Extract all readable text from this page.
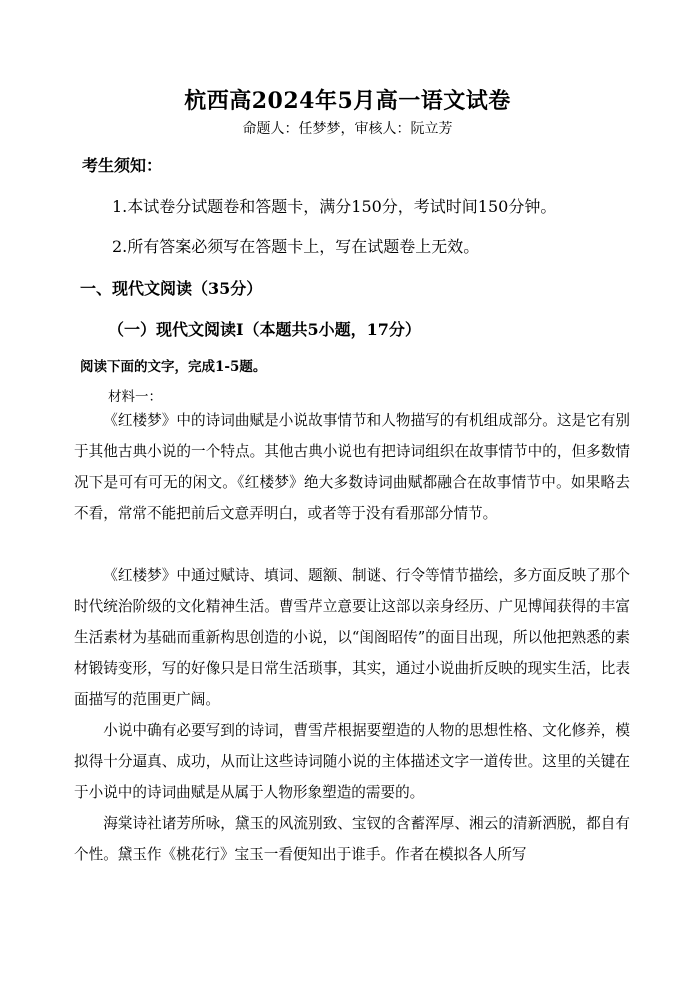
杭西高2024年5月高一语文试卷
命题人：任梦梦，审核人：阮立芳
考生须知：
1.本试卷分试题卷和答题卡，满分150分，考试时间150分钟。
2.所有答案必须写在答题卡上，写在试题卷上无效。
一、现代文阅读（35分）
（一）现代文阅读Ⅰ（本题共5小题，17分）
阅读下面的文字，完成1-5题。
材料一：

《红楼梦》中的诗词曲赋是小说故事情节和人物描写的有机组成部分。这是它有别于其他古典小说的一个特点。其他古典小说也有把诗词组织在故事情节中的，但多数情况下是可有可无的闲文。《红楼梦》绝大多数诗词曲赋都融合在故事情节中。如果略去不看，常常不能把前后文意弄明白，或者等于没有看那部分情节。

《红楼梦》中通过赋诗、填词、题额、制谜、行令等情节描绘，多方面反映了那个时代统治阶级的文化精神生活。曹雪芹立意要让这部以亲身经历、广见博闻获得的丰富生活素材为基础而重新构思创造的小说，以“闺阁昭传”的面目出现，所以他把熟悉的素材锻铸变形，写的好像只是日常生活琐事，其实，通过小说曲折反映的现实生活，比表面描写的范围更广阔。

小说中确有必要写到的诗词，曹雪芹根据要塑造的人物的思想性格、文化修养，模拟得十分逼真、成功，从而让这些诗词随小说的主体描述文字一道传世。这里的关键在于小说中的诗词曲赋是从属于人物形象塑造的需要的。

海棠诗社诸芳所咏，黛玉的风流别致、宝钗的含蓄浑厚、湘云的清新洒脱，都自有个性。黛玉作《桃花行》宝玉一看便知出于谁手。作者在模拟各人所写
